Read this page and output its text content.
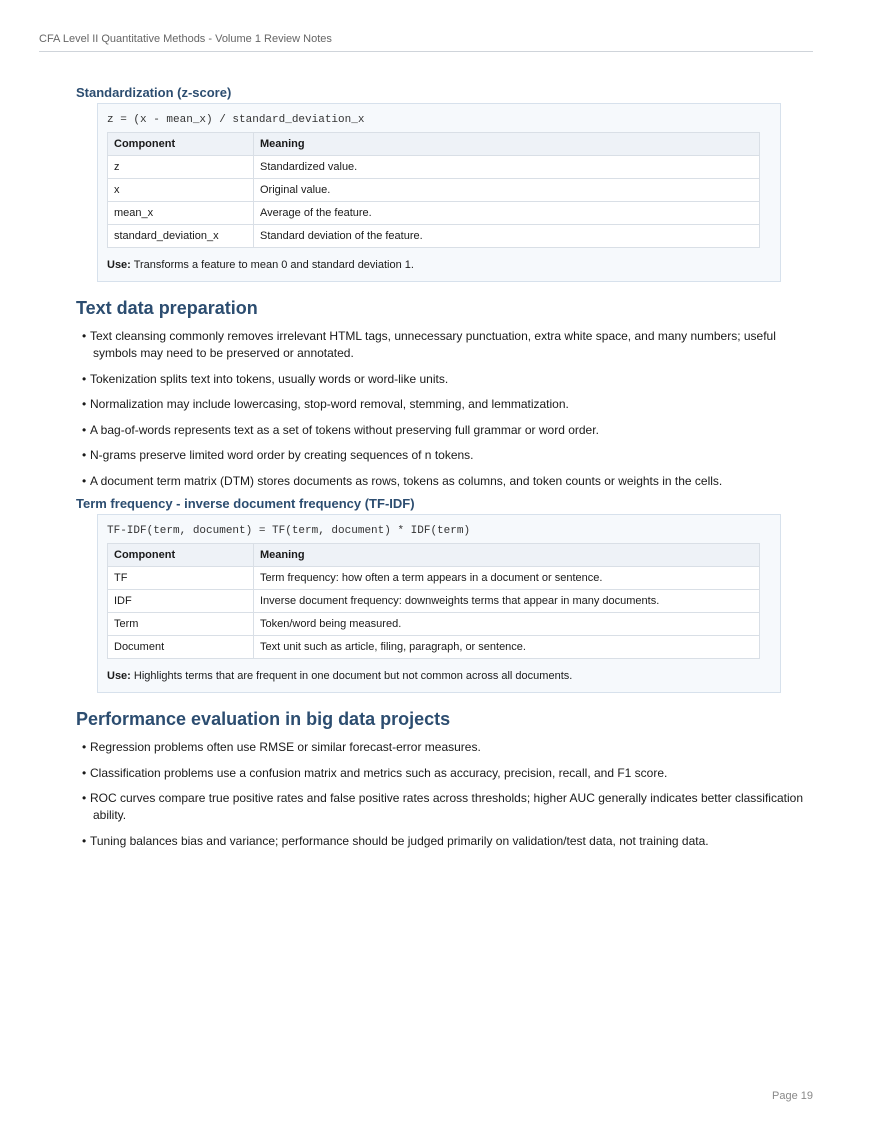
CFA Level II Quantitative Methods - Volume 1 Review Notes
Standardization (z-score)
z = (x - mean_x) / standard_deviation_x
Component	Meaning
z	Standardized value.
x	Original value.
mean_x	Average of the feature.
standard_deviation_x	Standard deviation of the feature.
Use: Transforms a feature to mean 0 and standard deviation 1.
Text data preparation
• Text cleansing commonly removes irrelevant HTML tags, unnecessary punctuation, extra white space, and many numbers; useful symbols may need to be preserved or annotated.
• Tokenization splits text into tokens, usually words or word-like units.
• Normalization may include lowercasing, stop-word removal, stemming, and lemmatization.
• A bag-of-words represents text as a set of tokens without preserving full grammar or word order.
• N-grams preserve limited word order by creating sequences of n tokens.
• A document term matrix (DTM) stores documents as rows, tokens as columns, and token counts or weights in the cells.
Term frequency - inverse document frequency (TF-IDF)
TF-IDF(term, document) = TF(term, document) * IDF(term)
Component	Meaning
TF	Term frequency: how often a term appears in a document or sentence.
IDF	Inverse document frequency: downweights terms that appear in many documents.
Term	Token/word being measured.
Document	Text unit such as article, filing, paragraph, or sentence.
Use: Highlights terms that are frequent in one document but not common across all documents.
Performance evaluation in big data projects
• Regression problems often use RMSE or similar forecast-error measures.
• Classification problems use a confusion matrix and metrics such as accuracy, precision, recall, and F1 score.
• ROC curves compare true positive rates and false positive rates across thresholds; higher AUC generally indicates better classification ability.
• Tuning balances bias and variance; performance should be judged primarily on validation/test data, not training data.
Page 19
